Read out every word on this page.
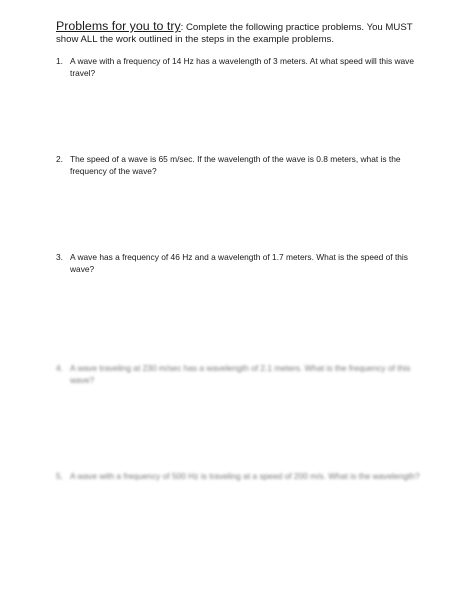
Problems for you to try: Complete the following practice problems. You MUST show ALL the work outlined in the steps in the example problems.
1. A wave with a frequency of 14 Hz has a wavelength of 3 meters. At what speed will this wave travel?
2. The speed of a wave is 65 m/sec. If the wavelength of the wave is 0.8 meters, what is the frequency of the wave?
3. A wave has a frequency of 46 Hz and a wavelength of 1.7 meters. What is the speed of this wave?
4. A wave traveling at 230 m/sec has a wavelength of 2.1 meters. What is the frequency of this wave?
5. A wave with a frequency of 500 Hz is traveling at a speed of 200 m/s. What is the wavelength?
